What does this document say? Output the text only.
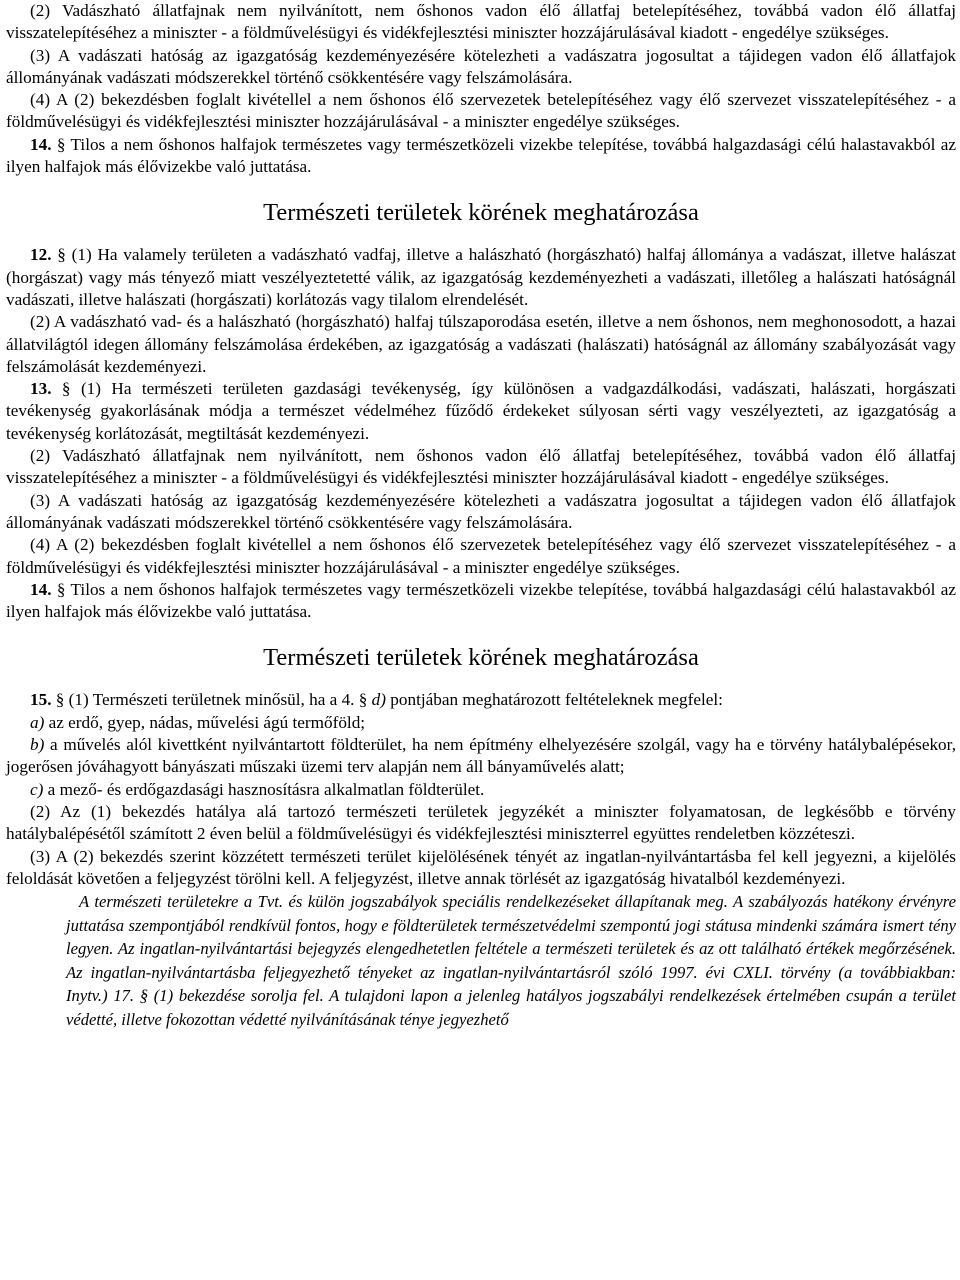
(2) Vadászható állatfajnak nem nyilvánított, nem őshonos vadon élő állatfaj betelepítéséhez, továbbá vadon élő állatfaj visszatelepítéséhez a miniszter - a földművelésügyi és vidékfejlesztési miniszter hozzájárulásával kiadott - engedélye szükséges.

(3) A vadászati hatóság az igazgatóság kezdeményezésére kötelezheti a vadászatra jogosultat a tájidegen vadon élő állatfajok állományának vadászati módszerekkel történő csökkentésére vagy felszámolására.

(4) A (2) bekezdésben foglalt kivétellel a nem őshonos élő szervezetek betelepítéséhez vagy élő szervezet visszatelepítéséhez - a földművelésügyi és vidékfejlesztési miniszter hozzájárulásával - a miniszter engedélye szükséges.

14. § Tilos a nem őshonos halfajok természetes vagy természetközeli vizekbe telepítése, továbbá halgazdasági célú halastavakból az ilyen halfajok más élővizekbe való juttatása.

Természeti területek körének meghatározása

12. § (1) Ha valamely területen a vadászható vadfaj, illetve a halászható (horgászható) halfaj állománya a vadászat, illetve halászat (horgászat) vagy más tényező miatt veszélyeztetetté válik, az igazgatóság kezdeményezheti a vadászati, illetőleg a halászati hatóságnál vadászati, illetve halászati (horgászati) korlátozás vagy tilalom elrendelését.

(2) A vadászható vad- és a halászható (horgászható) halfaj túlszaporodása esetén, illetve a nem őshonos, nem meghonosodott, a hazai állatvilágtól idegen állomány felszámolása érdekében, az igazgatóság a vadászati (halászati) hatóságnál az állomány szabályozását vagy felszámolását kezdeményezi.

13. § (1) Ha természeti területen gazdasági tevékenység, így különösen a vadgazdálkodási, vadászati, halászati, horgászati tevékenység gyakorlásának módja a természet védelméhez fűződő érdekeket súlyosan sérti vagy veszélyezteti, az igazgatóság a tevékenység korlátozását, megtiltását kezdeményezi.

(2) Vadászható állatfajnak nem nyilvánított, nem őshonos vadon élő állatfaj betelepítéséhez, továbbá vadon élő állatfaj visszatelepítéséhez a miniszter - a földművelésügyi és vidékfejlesztési miniszter hozzájárulásával kiadott - engedélye szükséges.

(3) A vadászati hatóság az igazgatóság kezdeményezésére kötelezheti a vadászatra jogosultat a tájidegen vadon élő állatfajok állományának vadászati módszerekkel történő csökkentésére vagy felszámolására.

(4) A (2) bekezdésben foglalt kivétellel a nem őshonos élő szervezetek betelepítéséhez vagy élő szervezet visszatelepítéséhez - a földművelésügyi és vidékfejlesztési miniszter hozzájárulásával - a miniszter engedélye szükséges.

14. § Tilos a nem őshonos halfajok természetes vagy természetközeli vizekbe telepítése, továbbá halgazdasági célú halastavakból az ilyen halfajok más élővizekbe való juttatása.

Természeti területek körének meghatározása

15. § (1) Természeti területnek minősül, ha a 4. § d) pontjában meghatározott feltételeknek megfelel:

a) az erdő, gyep, nádas, művelési ágú termőföld;

b) a művelés alól kivettként nyilvántartott földterület, ha nem építmény elhelyezésére szolgál, vagy ha e törvény hatálybalépésekor, jogerősen jóváhagyott bányászati műszaki üzemi terv alapján nem áll bányaművelés alatt;

c) a mező- és erdőgazdasági hasznosításra alkalmatlan földterület.

(2) Az (1) bekezdés hatálya alá tartozó természeti területek jegyzékét a miniszter folyamatosan, de legkésőbb e törvény hatálybalépésétől számított 2 éven belül a földművelésügyi és vidékfejlesztési miniszterrel együttes rendeletben közzéteszi.

(3) A (2) bekezdés szerint közzétett természeti terület kijelölésének tényét az ingatlan-nyilvántartásba fel kell jegyezni, a kijelölés feloldását követően a feljegyzést törölni kell. A feljegyzést, illetve annak törlését az igazgatóság hivatalból kezdeményezi.

A természeti területekre a Tvt. és külön jogszabályok speciális rendelkezéseket állapítanak meg. A szabályozás hatékony érvényre juttatása szempontjából rendkívül fontos, hogy e földterületek természetvédelmi szempontú jogi státusa mindenki számára ismert tény legyen. Az ingatlan-nyilvántartási bejegyzés elengedhetetlen feltétele a természeti területek és az ott található értékek megőrzésének. Az ingatlan-nyilvántartásba feljegyezhető tényeket az ingatlan-nyilvántartásról szóló 1997. évi CXLI. törvény (a továbbiakban: Inytv.) 17. § (1) bekezdése sorolja fel. A tulajdoni lapon a jelenleg hatályos jogszabályi rendelkezések értelmében csupán a terület védetté, illetve fokozottan védetté nyilvánításának ténye jegyezhető
